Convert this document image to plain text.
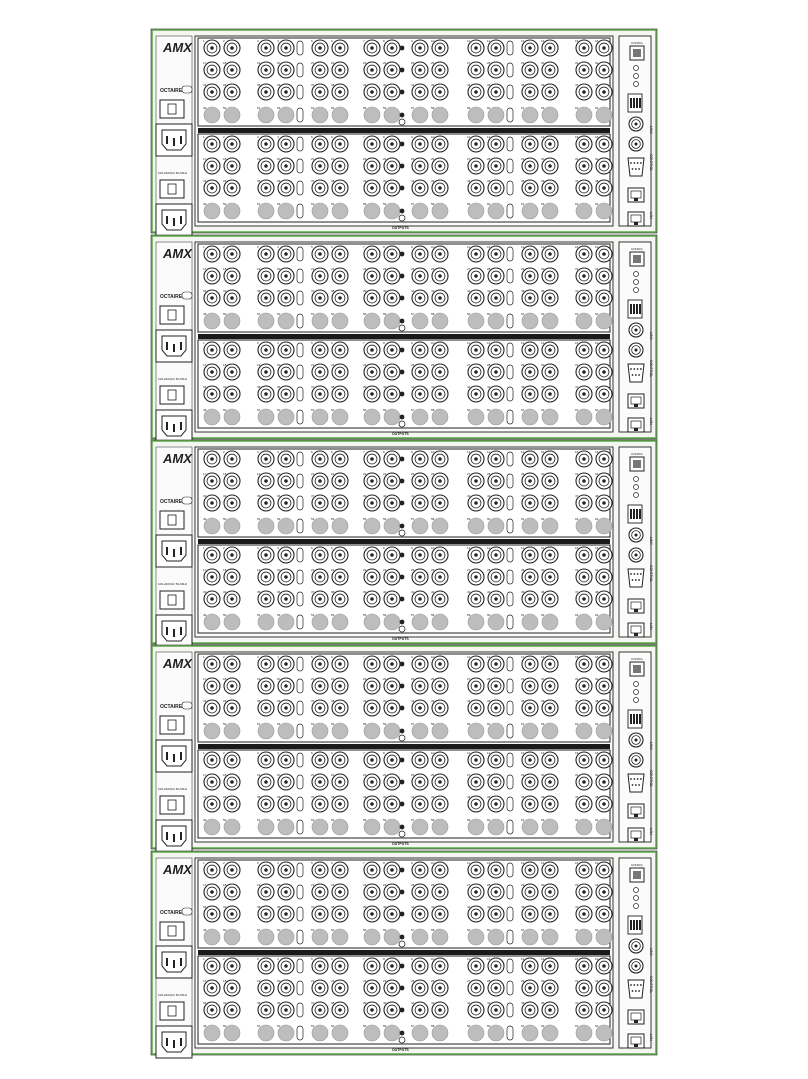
AMX
OCTAIRE
100-240VAC 50-60Hz
1	2	3	4	5	6	7	8	9	10	11	12	13	14	15	16
17	18	19	20	21	22	23	24	25	26	27	28	29	30	31	32
33	34	35	36	37	38	39	40	41	42	43	44	45	46	47	48
49	50	51	52	53	54	55	56	57	58	59	60	61	62	63	64
1	2	3	4	5	6	7	8	9	10	11	12	13	14	15	16
17	18	19	20	21	22	23	24	25	26	27	28	29	30	31	32
33	34	35	36	37	38	39	40	41	42	43	44	45	46	47	48
49	50	51	52	53	54	55	56	57	58	59	60	61	62	63	64
OUTPUTS
CONFIG
LINK
CONTROL
LAN
AMX
OCTAIRE
100-240VAC 50-60Hz
1	2	3	4	5	6	7	8	9	10	11	12	13	14	15	16
17	18	19	20	21	22	23	24	25	26	27	28	29	30	31	32
33	34	35	36	37	38	39	40	41	42	43	44	45	46	47	48
49	50	51	52	53	54	55	56	57	58	59	60	61	62	63	64
1	2	3	4	5	6	7	8	9	10	11	12	13	14	15	16
17	18	19	20	21	22	23	24	25	26	27	28	29	30	31	32
33	34	35	36	37	38	39	40	41	42	43	44	45	46	47	48
49	50	51	52	53	54	55	56	57	58	59	60	61	62	63	64
OUTPUTS
CONFIG
LINK
CONTROL
LAN
AMX
OCTAIRE
100-240VAC 50-60Hz
1	2	3	4	5	6	7	8	9	10	11	12	13	14	15	16
17	18	19	20	21	22	23	24	25	26	27	28	29	30	31	32
33	34	35	36	37	38	39	40	41	42	43	44	45	46	47	48
49	50	51	52	53	54	55	56	57	58	59	60	61	62	63	64
1	2	3	4	5	6	7	8	9	10	11	12	13	14	15	16
17	18	19	20	21	22	23	24	25	26	27	28	29	30	31	32
33	34	35	36	37	38	39	40	41	42	43	44	45	46	47	48
49	50	51	52	53	54	55	56	57	58	59	60	61	62	63	64
OUTPUTS
CONFIG
LINK
CONTROL
LAN
AMX
OCTAIRE
100-240VAC 50-60Hz
1	2	3	4	5	6	7	8	9	10	11	12	13	14	15	16
17	18	19	20	21	22	23	24	25	26	27	28	29	30	31	32
33	34	35	36	37	38	39	40	41	42	43	44	45	46	47	48
49	50	51	52	53	54	55	56	57	58	59	60	61	62	63	64
1	2	3	4	5	6	7	8	9	10	11	12	13	14	15	16
17	18	19	20	21	22	23	24	25	26	27	28	29	30	31	32
33	34	35	36	37	38	39	40	41	42	43	44	45	46	47	48
49	50	51	52	53	54	55	56	57	58	59	60	61	62	63	64
OUTPUTS
CONFIG
LINK
CONTROL
LAN
AMX
OCTAIRE
100-240VAC 50-60Hz
1	2	3	4	5	6	7	8	9	10	11	12	13	14	15	16
17	18	19	20	21	22	23	24	25	26	27	28	29	30	31	32
33	34	35	36	37	38	39	40	41	42	43	44	45	46	47	48
49	50	51	52	53	54	55	56	57	58	59	60	61	62	63	64
1	2	3	4	5	6	7	8	9	10	11	12	13	14	15	16
17	18	19	20	21	22	23	24	25	26	27	28	29	30	31	32
33	34	35	36	37	38	39	40	41	42	43	44	45	46	47	48
49	50	51	52	53	54	55	56	57	58	59	60	61	62	63	64
OUTPUTS
CONFIG
LINK
CONTROL
LAN
